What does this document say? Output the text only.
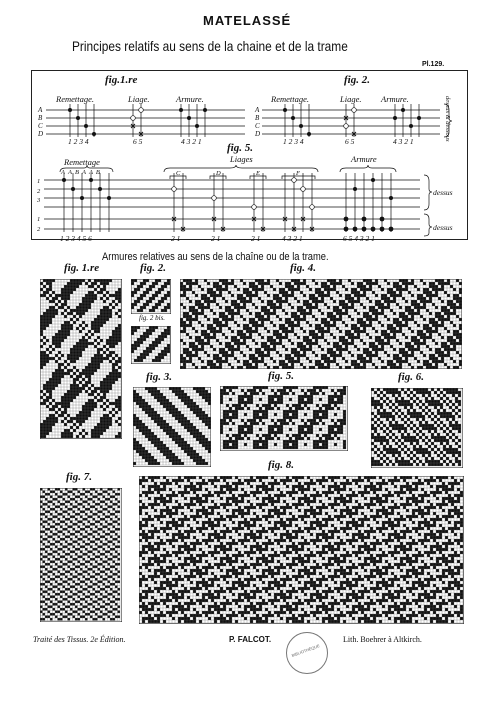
MATELASSÉ
Principes relatifs au sens de la chaine et de la trame
Pl.129.
fig.1.re
Remettage.	Liage.	Armure.
A
B
C
D
1 2 3 4	6 5	4 3 2 1
fig. 2.
Remettage.	Liage. Armure.
A
B
C
D
1 2 3 4	6 5	4 3 2 1	dessus & dessous
fig. 5.
Remettage	Liages	Armure
AABAAB	C	D	E	F
1
2
3

1
2
1 2 3 4 5 6	2 1	2 1	2 1	4 3 2 1	6 5 4 3 2 1
dessus
dessus
Armures relatives au sens de la chaîne ou de la trame.
fig. 1.re	fig. 2.	fig. 4.
fig. 2 bis.
fig. 3.	fig. 5.	fig. 6.
fig. 7.
fig. 8.
Traité des Tissus. 2e Édition.	P. FALCOT.	Lith. Boehrer à Altkirch.
BIBLIOTHÈQUE
